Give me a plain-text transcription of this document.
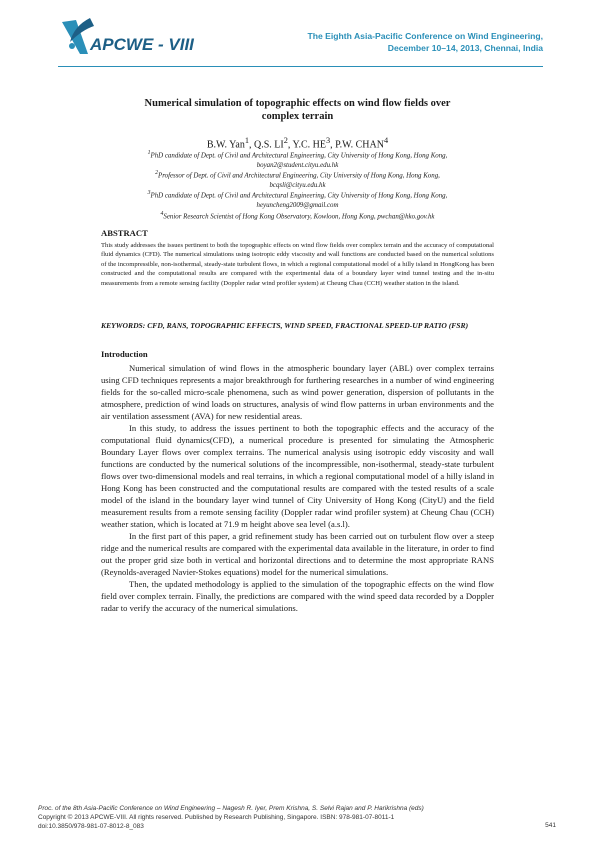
APCWE - VIII	The Eighth Asia-Pacific Conference on Wind Engineering,
December 10–14, 2013, Chennai, India
Numerical simulation of topographic effects on wind flow fields over
complex terrain
B.W. Yan$^1$, Q.S. $LI^2$, Y.C. $HE^3$, P.W. CHAN$^4$
$^1$PhD candidate of Dept. of Civil and Architectural Engineering, City University of Hong Kong, Hong Kong,
boyan2@student.cityu.edu.hk
$^2$Professor of Dept. of Civil and Architectural Engineering, City University of Hong Kong, Hong Kong,
bcqsli@cityu.edu.hk
$^3$PhD candidate of Dept. of Civil and Architectural Engineering, City University of Hong Kong, Hong Kong,
heyuncheng2009@gmail.com
$^4$Senior Research Scientist of Hong Kong Observatory, Kowloon, Hong Kong, pwchan@hko.gov.hk
ABSTRACT
This study addresses the issues pertinent to both the topographic effects on wind flow fields over complex terrain and the accuracy of computational fluid dynamics (CFD). The numerical simulations using isotropic eddy viscosity and wall functions are conducted based on the numerical solutions of the incompressible, non-isothermal, steady-state turbulent flows, in which a regional computational model of a hilly island in HongKong has been constructed and the computational results are compared with the experimental data of a boundary layer wind tunnel testing and the in-situ measurements from a remote sensing facility (Doppler radar wind profiler system) at Cheung Chau (CCH) weather station in the island.
KEYWORDS: CFD, RANS, TOPOGRAPHIC EFFECTS, WIND SPEED, FRACTIONAL SPEED-UP RATIO (FSR)
Introduction

Numerical simulation of wind flows in the atmospheric boundary layer (ABL) over complex terrains using CFD techniques represents a major breakthrough for furthering researches in a number of wind engineering fields for the so-called micro-scale phenomena, such as wind power generation, dispersion of pollutants in the atmosphere, prediction of wind loads on structures, analysis of wind flow patterns in urban environments and the air ventilation assessment (AVA) for new residential areas.

In this study, to address the issues pertinent to both the topographic effects and the accuracy of the computational fluid dynamics(CFD), a numerical procedure is presented for simulating the Atmospheric Boundary Layer flows over complex terrains. The numerical analysis using isotropic eddy viscosity and wall functions are conducted by the numerical solutions of the incompressible, non-isothermal, steady-state turbulent flows over two-dimensional models and real terrains, in which a regional computational model of a hilly island in Hong Kong has been constructed and the computational results are compared with the tested results of a scale model of the island in the boundary layer wind tunnel of City University of Hong Kong (CityU) and the field measurement results from a remote sensing facility (Doppler radar wind profiler system) at Cheung Chau (CCH) weather station, which is located at 71.9 m height above sea level (a.s.l).

In the first part of this paper, a grid refinement study has been carried out on turbulent flow over a steep ridge and the numerical results are compared with the experimental data available in the literature, in order to find out the proper grid size both in vertical and horizontal directions and to determine the most appropriate RANS (Reynolds-averaged Navier-Stokes equations) model for the numerical simulations.

Then, the updated methodology is applied to the simulation of the topographic effects on the wind flow field over complex terrain. Finally, the predictions are compared with the wind speed data recorded by a Doppler radar to verify the accuracy of the numerical simulations.

Proc. of the 8th Asia-Pacific Conference on Wind Engineering – Nagesh R. Iyer, Prem Krishna, S. Selvi Rajan and P. Harikrishna (eds)
Copyright © 2013 APCWE-VIII. All rights reserved. Published by Research Publishing, Singapore. ISBN: 978-981-07-8011-1
doi:10.3850/978-981-07-8012-8_083	541
